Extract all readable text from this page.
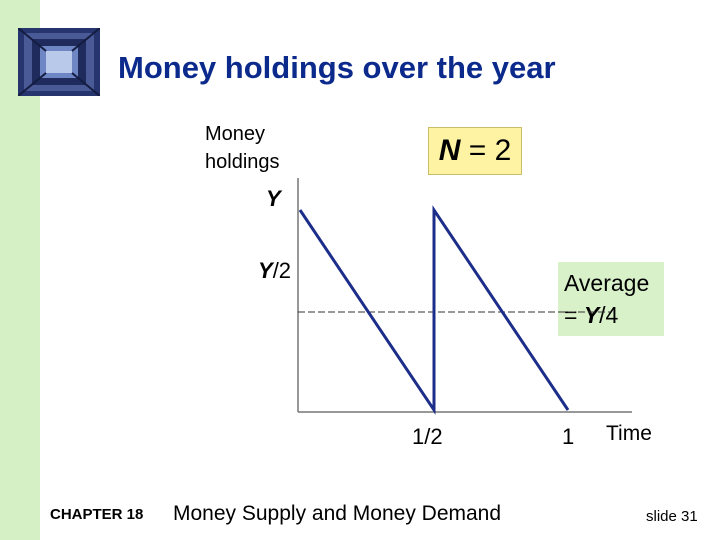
Money holdings over the year
Money
holdings
Y
Y/2
N = 2
Average
= Y/4
1/2	1 Time
CHAPTER 18 Money Supply and Money Demand	slide 31
